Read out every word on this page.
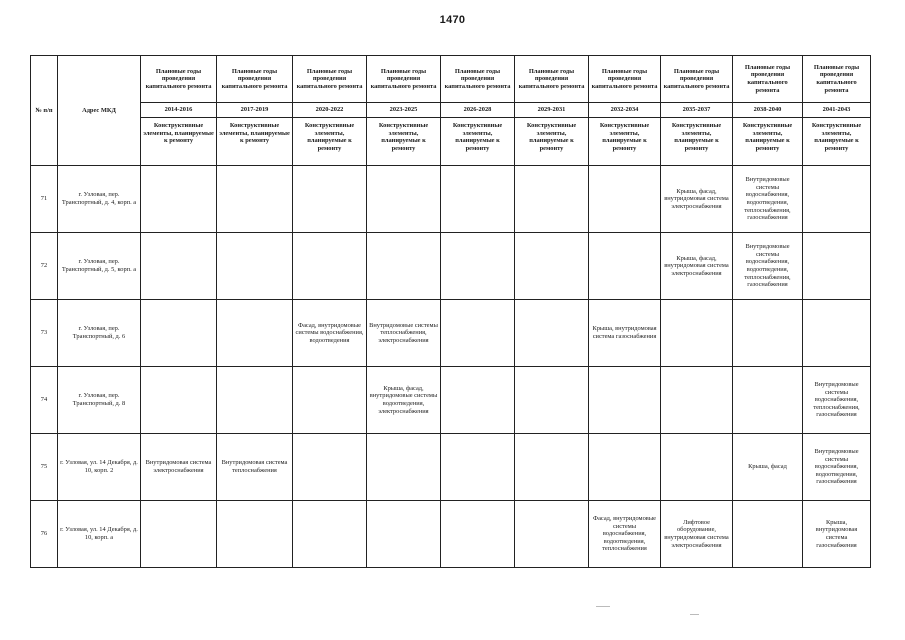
1470
№ п/п	Адрес МКД	Плановые годы проведения капитального ремонта	Плановые годы проведения капитального ремонта	Плановые годы проведения капитального ремонта	Плановые годы проведения капитального ремонта	Плановые годы проведения капитального ремонта	Плановые годы проведения капитального ремонта	Плановые годы проведения капитального ремонта	Плановые годы проведения капитального ремонта	Плановые годы проведения капитального ремонта	Плановые годы проведения капитального ремонта
		2014-2016	2017-2019	2020-2022	2023-2025	2026-2028	2029-2031	2032-2034	2035-2037	2038-2040	2041-2043
		Конструктивные элементы, планируемые к ремонту	Конструктивные элементы, планируемые к ремонту	Конструктивные элементы, планируемые к ремонту	Конструктивные элементы, планируемые к ремонту	Конструктивные элементы, планируемые к ремонту	Конструктивные элементы, планируемые к ремонту	Конструктивные элементы, планируемые к ремонту	Конструктивные элементы, планируемые к ремонту	Конструктивные элементы, планируемые к ремонту	Конструктивные элементы, планируемые к ремонту
71	г. Узловая, пер. Транспортный, д. 4, корп. а								Крыша, фасад, внутридомовая система электроснабжения	Внутридомовые системы водоснабжения, водоотведения, теплоснабжения, газоснабжения	
72	г. Узловая, пер. Транспортный, д. 5, корп. а								Крыша, фасад, внутридомовая система электроснабжения	Внутридомовые системы водоснабжения, водоотведения, теплоснабжения, газоснабжения	
73	г. Узловая, пер. Транспортный, д. 6			Фасад, внутридомовые системы водоснабжения, водоотведения	Внутридомовые системы теплоснабжения, электроснабжения			Крыша, внутридомовая система газоснабжения			
74	г. Узловая, пер. Транспортный, д. 8				Крыша, фасад, внутридомовые системы водоотведения, электроснабжения						Внутридомовые системы водоснабжения, теплоснабжения, газоснабжения
75	г. Узловая, ул. 14 Декабря, д. 10, корп. 2	Внутридомовая система электроснабжения	Внутридомовая система теплоснабжения							Крыша, фасад	Внутридомовые системы водоснабжения, водоотведения, газоснабжения
76	г. Узловая, ул. 14 Декабря, д. 10, корп. а							Фасад, внутридомовые системы водоснабжения, водоотведения, теплоснабжения	Лифтовое оборудование, внутридомовая система электроснабжения		Крыша, внутридомовая система газоснабжения
